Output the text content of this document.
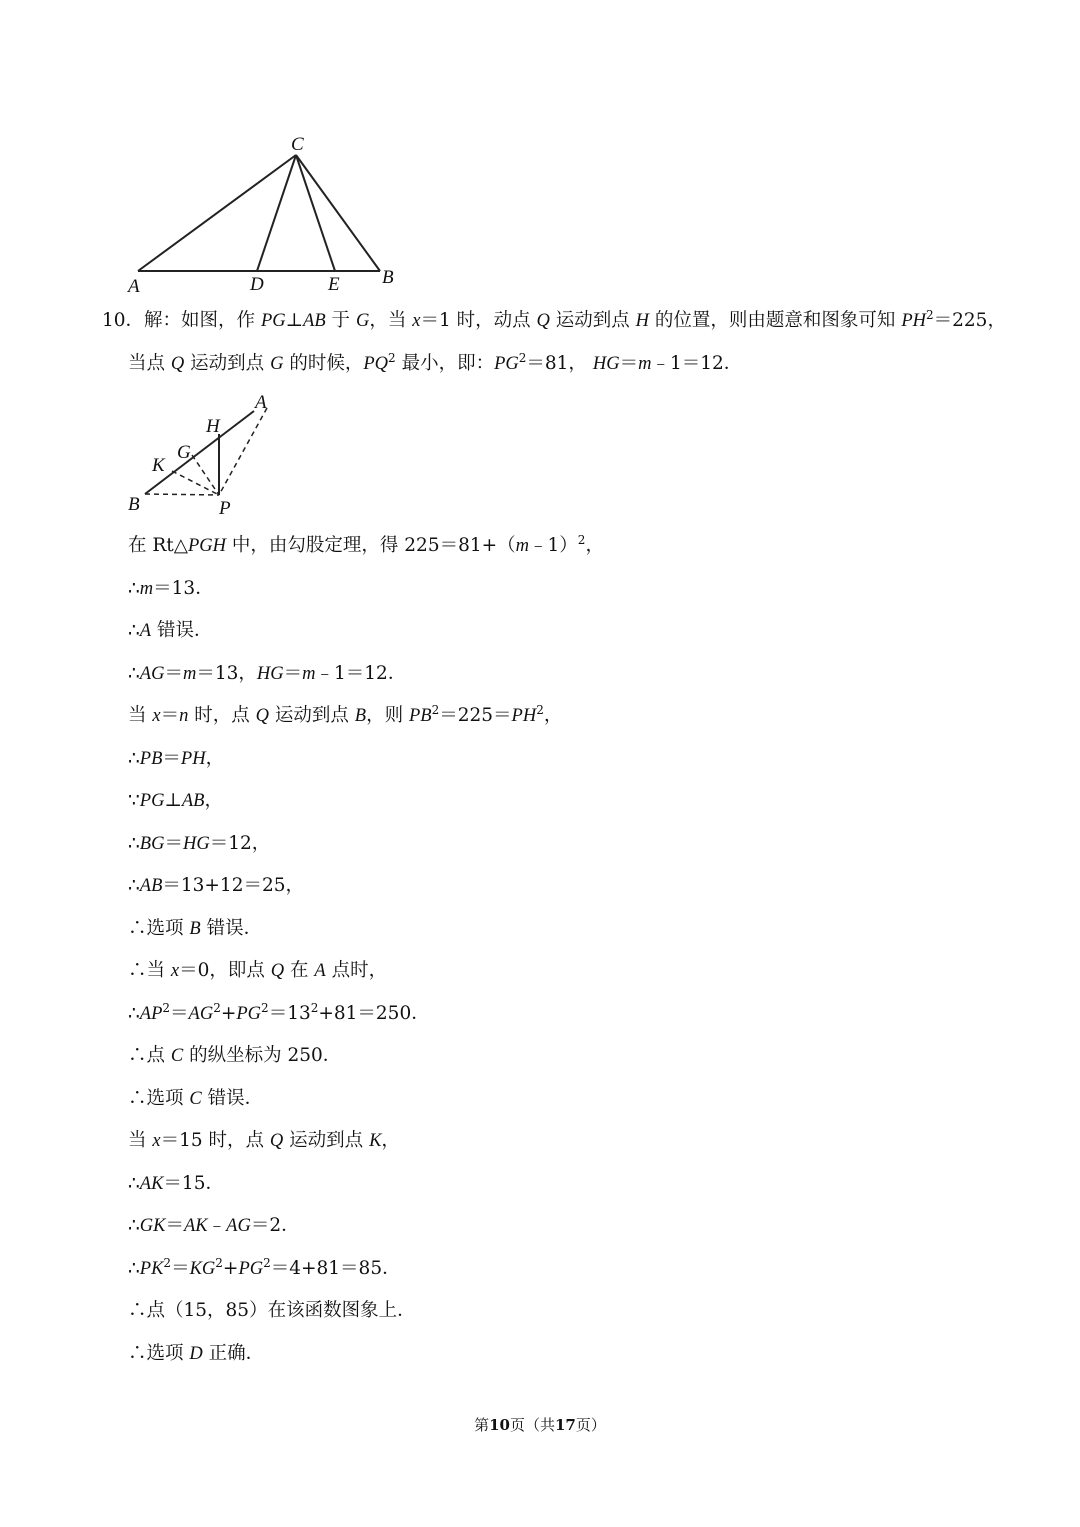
C
A	D	E B
10．解：如图，作 PG⊥AB 于 G，当 x＝1 时，动点 Q 运动到点 H 的位置，则由题意和图象可知 $PH^2=225$，
当点 Q 运动到点 G 的时候，$PQ^2$ 最小，即：$PG^2=81$， HG＝m﹣1＝12．
A
H
G
K
B	P
在 Rt△PGH 中，由勾股定理，得 225＝81+（m﹣1）$^2$，
∴m＝13．
∴A 错误．
∴AG＝m＝13，HG＝m﹣1＝12．
当 x＝n 时，点 Q 运动到点 B，则 $PB^2=225=PH^2$，
∴PB＝PH，
∵PG⊥AB，
∴BG＝HG＝12，
∴AB＝13+12＝25，
∴选项 B 错误．
∴当 x＝0，即点 Q 在 A 点时，
$\therefore AP^2=AG^2+PG^2=13^2+81=250$．
∴点 C 的纵坐标为 250．
∴选项 C 错误．
当 x＝15 时，点 Q 运动到点 K，
∴AK＝15．
∴GK＝AK﹣AG＝2．
$\therefore PK^2=KG^2+PG^2=4+81=85$．
∴点（15，85）在该函数图象上．
∴选项 D 正确．
第10页（共17页）
